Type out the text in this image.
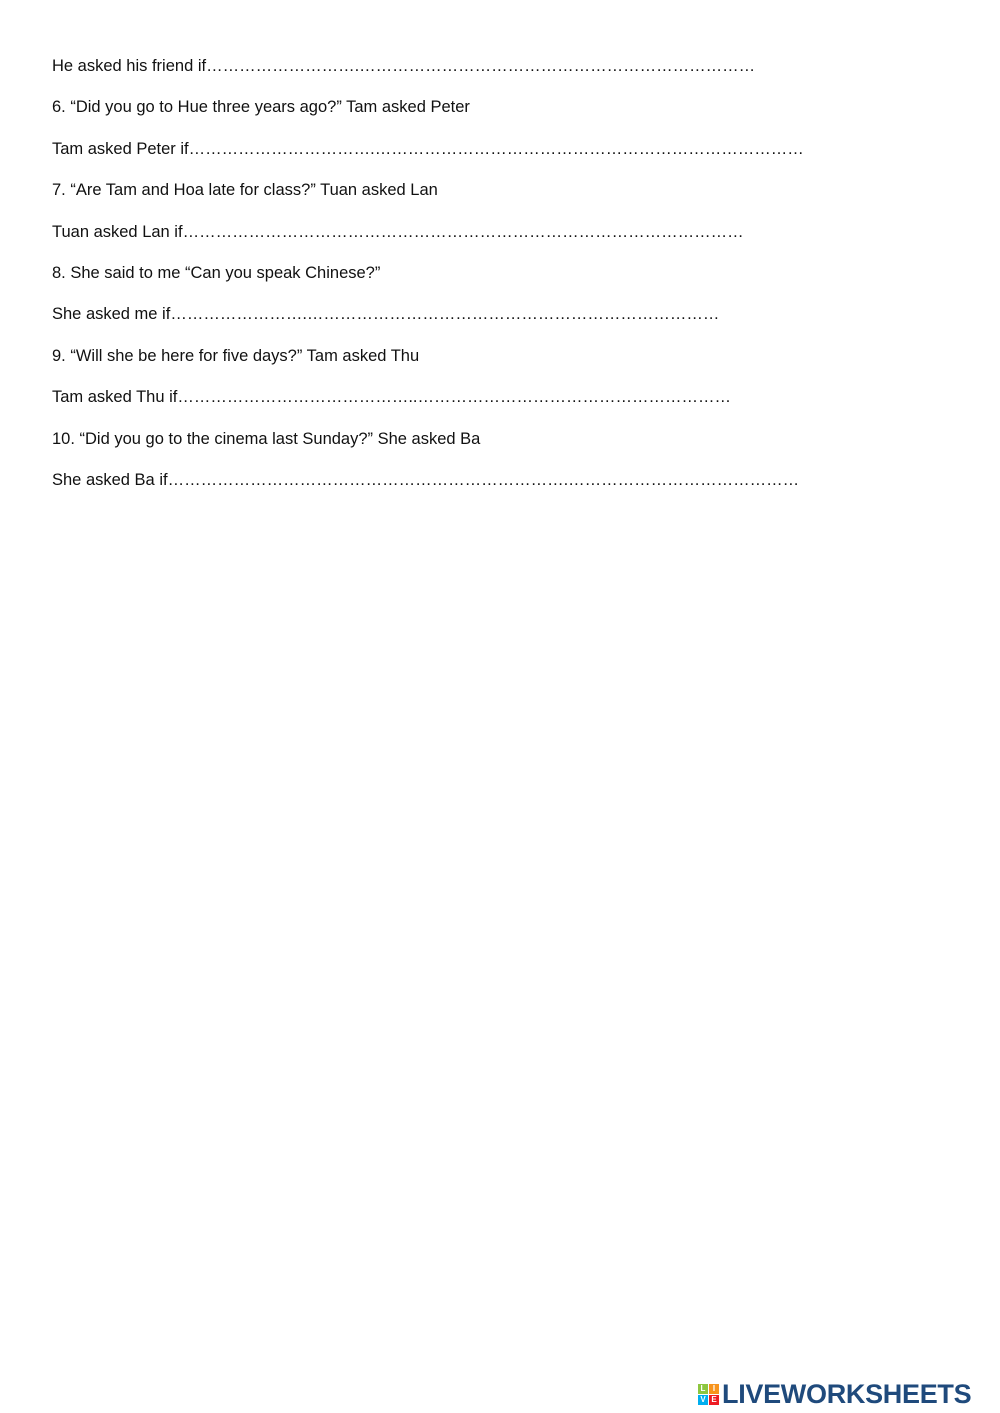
He asked his friend if……………………….………………………………………………………………
6. “Did you go to Hue three years ago?” Tam asked Peter
Tam asked Peter if…………………………….……………………………………………………………………
7. “Are Tam and Hoa late for class?” Tuan asked Lan
Tuan asked Lan if…………………………………………………………………………………………
8. She said to me “Can you speak Chinese?”
She asked me if…………………….…………………………………………………………………
9. “Will she be here for five days?” Tam asked Thu
Tam asked Thu if……………………………………..…………………………………………………
10. “Did you go to the cinema last Sunday?” She asked Ba
She asked Ba if……………………………………………………………….……………………………………
L I
V E LIVEWORKSHEETS
